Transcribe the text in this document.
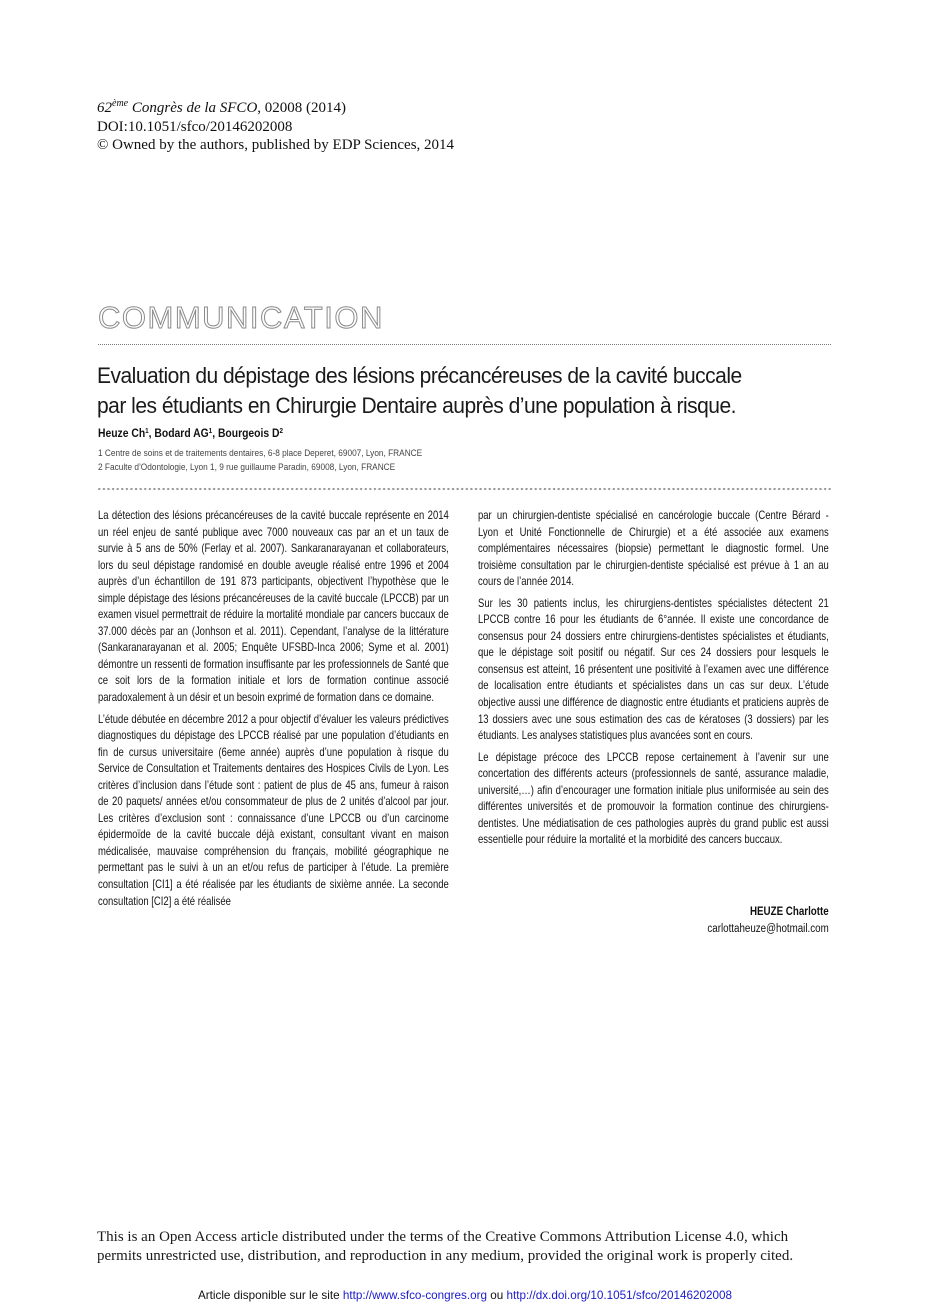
62ème Congrès de la SFCO, 02008 (2014)
DOI:10.1051/sfco/20146202008
© Owned by the authors, published by EDP Sciences, 2014
COMMUNICATION
Evaluation du dépistage des lésions précancéreuses de la cavité buccale
par les étudiants en Chirurgie Dentaire auprès d’une population à risque.
Heuze Ch$^1$, Bodard $AG^1$, Bourgeois $D^2$
1 Centre de soins et de traitements dentaires, 6-8 place Deperet, 69007, Lyon, FRANCE
2 Faculte d’Odontologie, Lyon 1, 9 rue guillaume Paradin, 69008, Lyon, FRANCE

La détection des lésions précancéreuses de la cavité buccale représente en 2014 un réel enjeu de santé publique avec 7000 nouveaux cas par an et un taux de survie à 5 ans de 50% (Ferlay et al. 2007). Sankaranarayanan et collaborateurs, lors du seul dépistage randomisé en double aveugle réalisé entre 1996 et 2004 auprès d’un échantillon de 191 873 participants, objectivent l’hypothèse que le simple dépistage des lésions précancéreuses de la cavité buccale (LPCCB) par un examen visuel permettrait de réduire la mortalité mondiale par cancers buccaux de 37.000 décès par an (Jonhson et al. 2011). Cependant, l’analyse de la littérature (Sankaranarayanan et al. 2005; Enquête UFSBD-Inca 2006; Syme et al. 2001) démontre un ressenti de formation insuffisante par les professionnels de Santé que ce soit lors de la formation initiale et lors de formation continue associé paradoxalement à un désir et un besoin exprimé de formation dans ce domaine.

L’étude débutée en décembre 2012 a pour objectif d’évaluer les valeurs prédictives diagnostiques du dépistage des LPCCB réalisé par une population d’étudiants en fin de cursus universitaire (6eme année) auprès d’une population à risque du Service de Consultation et Traitements dentaires des Hospices Civils de Lyon. Les critères d’inclusion dans l’étude sont : patient de plus de 45 ans, fumeur à raison de 20 paquets/ années et/ou consommateur de plus de 2 unités d’alcool par jour. Les critères d’exclusion sont : connaissance d’une LPCCB ou d’un carcinome épidermoïde de la cavité buccale déjà existant, consultant vivant en maison médicalisée, mauvaise compréhension du français, mobilité géographique ne permettant pas le suivi à un an et/ou refus de participer à l’étude. La première consultation [CI1] a été réalisée par les étudiants de sixième année. La seconde consultation [CI2] a été réalisée

par un chirurgien-dentiste spécialisé en cancérologie buccale (Centre Bérard - Lyon et Unité Fonctionnelle de Chirurgie) et a été associée aux examens complémentaires nécessaires (biopsie) permettant le diagnostic formel. Une troisième consultation par le chirurgien-dentiste spécialisé est prévue à 1 an au cours de l’année 2014.

Sur les 30 patients inclus, les chirurgiens-dentistes spécialistes détectent 21 LPCCB contre 16 pour les étudiants de 6°année. Il existe une concordance de consensus pour 24 dossiers entre chirurgiens-dentistes spécialistes et étudiants, que le dépistage soit positif ou négatif. Sur ces 24 dossiers pour lesquels le consensus est atteint, 16 présentent une positivité à l’examen avec une différence de localisation entre étudiants et spécialistes dans un cas sur deux. L’étude objective aussi une différence de diagnostic entre étudiants et praticiens auprès de 13 dossiers avec une sous estimation des cas de kératoses (3 dossiers) par les étudiants. Les analyses statistiques plus avancées sont en cours.

Le dépistage précoce des LPCCB repose certainement à l’avenir sur une concertation des différents acteurs (professionnels de santé, assurance maladie, université,…) afin d’encourager une formation initiale plus uniformisée au sein des différentes universités et de promouvoir la formation continue des chirurgiens-dentistes. Une médiatisation de ces pathologies auprès du grand public est aussi essentielle pour réduire la mortalité et la morbidité des cancers buccaux.

HEUZE Charlotte
carlottaheuze@hotmail.com
This is an Open Access article distributed under the terms of the Creative Commons Attribution License 4.0, which
permits unrestricted use, distribution, and reproduction in any medium, provided the original work is properly cited.
Article disponible sur le site http://www.sfco-congres.org ou http://dx.doi.org/10.1051/sfco/20146202008
